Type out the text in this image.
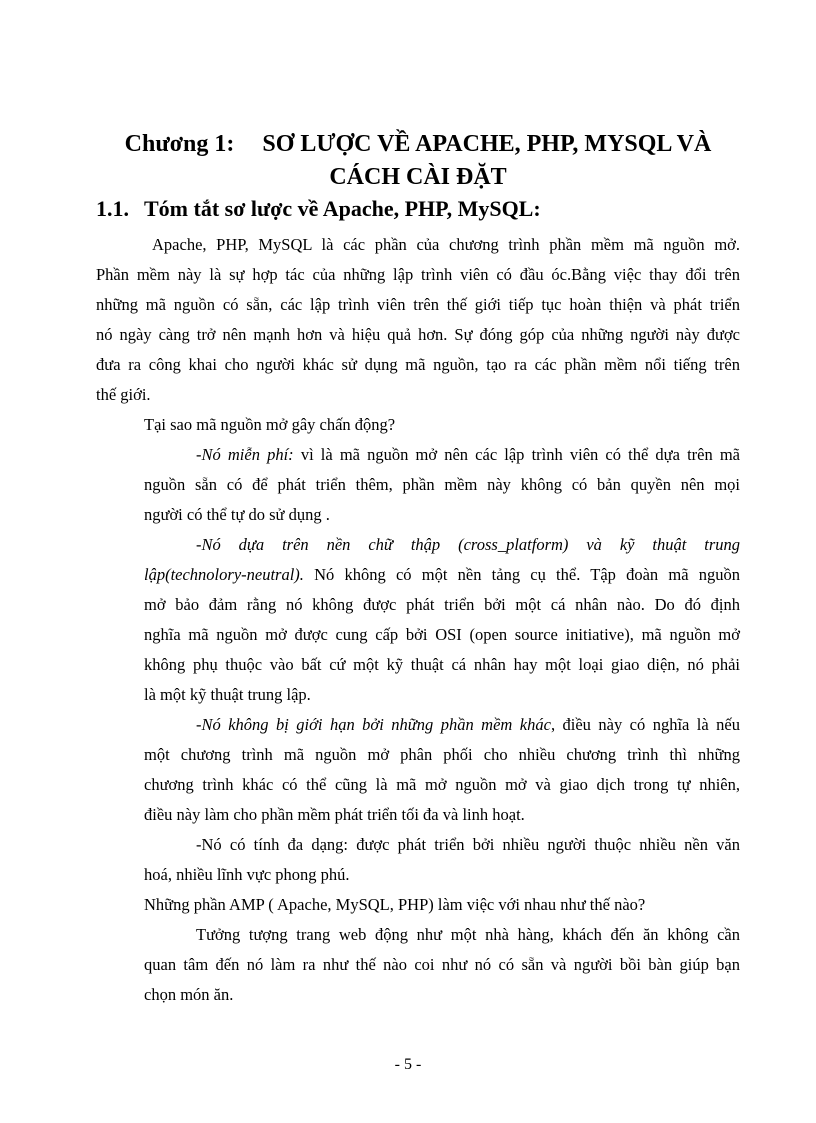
Chương 1: SƠ LƯỢC VỀ APACHE, PHP, MYSQL VÀ
CÁCH CÀI ĐẶT
1.1. Tóm tắt sơ lược về Apache, PHP, MySQL:
Apache, PHP, MySQL là các phần của chương trình phần mềm mã nguồn mở.
Phần mềm này là sự hợp tác của những lập trình viên có đầu óc.Bằng việc thay đổi trên
những mã nguồn có sẵn, các lập trình viên trên thế giới tiếp tục hoàn thiện và phát triển
nó ngày càng trở nên mạnh hơn và hiệu quả hơn. Sự đóng góp của những người này được
đưa ra công khai cho người khác sử dụng mã nguồn, tạo ra các phần mềm nổi tiếng trên
thế giới.
Tại sao mã nguồn mở gây chấn động?
-Nó miễn phí: vì là mã nguồn mở nên các lập trình viên có thể dựa trên mã
nguồn sẵn có để phát triển thêm, phần mềm này không có bản quyền nên mọi
người có thể tự do sử dụng .
-Nó dựa trên nền chữ thập (cross_platform) và kỹ thuật trung
lập(technolory-neutral). Nó không có một nền tảng cụ thể. Tập đoàn mã nguồn
mở bảo đảm rằng nó không được phát triển bởi một cá nhân nào. Do đó định
nghĩa mã nguồn mở được cung cấp bởi OSI (open source initiative), mã nguồn mở
không phụ thuộc vào bất cứ một kỹ thuật cá nhân hay một loại giao diện, nó phải
là một kỹ thuật trung lập.
-Nó không bị giới hạn bởi những phần mềm khác, điều này có nghĩa là nếu
một chương trình mã nguồn mở phân phối cho nhiều chương trình thì những
chương trình khác có thể cũng là mã mở nguồn mở và giao dịch trong tự nhiên,
điều này làm cho phần mềm phát triển tối đa và linh hoạt.
-Nó có tính đa dạng: được phát triển bởi nhiều người thuộc nhiều nền văn
hoá, nhiều lĩnh vực phong phú.
Những phần AMP ( Apache, MySQL, PHP) làm việc với nhau như thế nào?
Tưởng tượng trang web động như một nhà hàng, khách đến ăn không cần
quan tâm đến nó làm ra như thế nào coi như nó có sẵn và người bồi bàn giúp bạn
chọn món ăn.
- 5 -
